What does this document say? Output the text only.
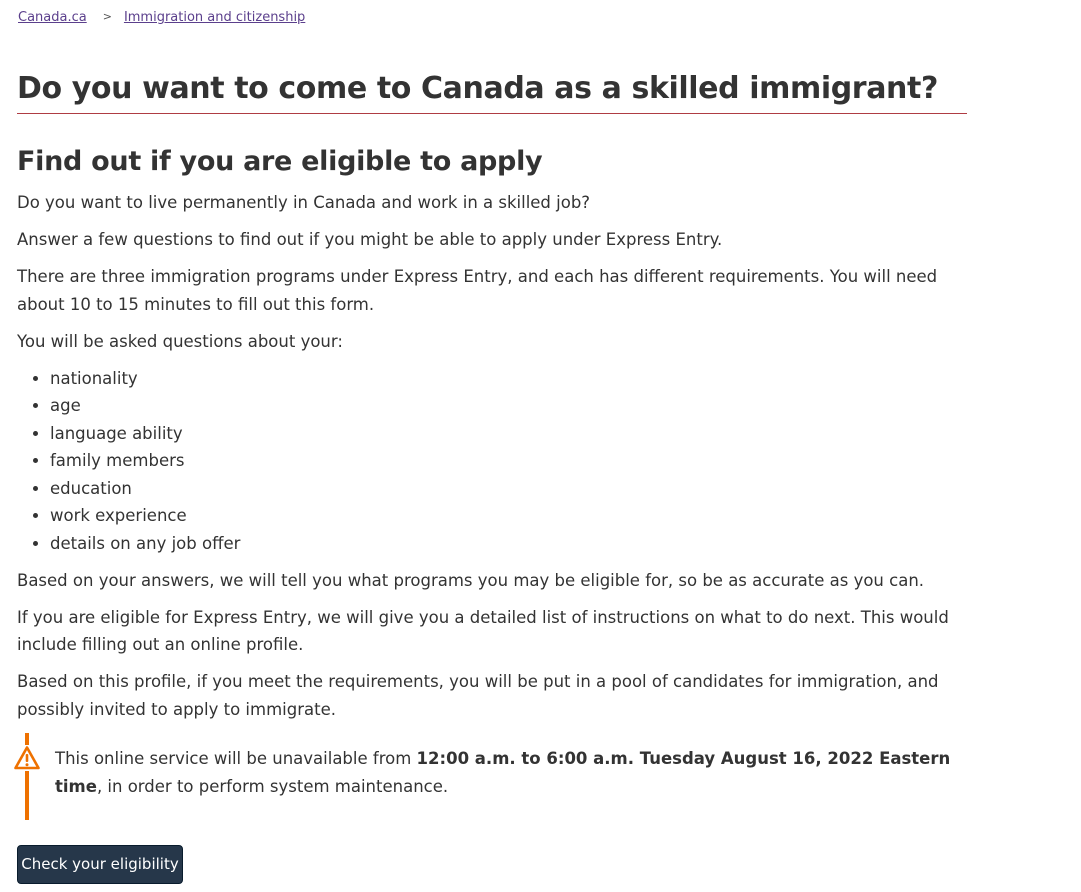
Canada.ca > Immigration and citizenship
Do you want to come to Canada as a skilled immigrant?
Find out if you are eligible to apply

Do you want to live permanently in Canada and work in a skilled job?

Answer a few questions to find out if you might be able to apply under Express Entry.

There are three immigration programs under Express Entry, and each has different requirements. You will need about 10 to 15 minutes to fill out this form.

You will be asked questions about your:

• nationality
• age
• language ability
• family members
• education
• work experience
• details on any job offer

Based on your answers, we will tell you what programs you may be eligible for, so be as accurate as you can.

If you are eligible for Express Entry, we will give you a detailed list of instructions on what to do next. This would include filling out an online profile.

Based on this profile, if you meet the requirements, you will be put in a pool of candidates for immigration, and possibly invited to apply to immigrate.

This online service will be unavailable from 12:00 a.m. to 6:00 a.m. Tuesday August 16, 2022 Eastern time, in order to perform system maintenance.
Check your eligibility
